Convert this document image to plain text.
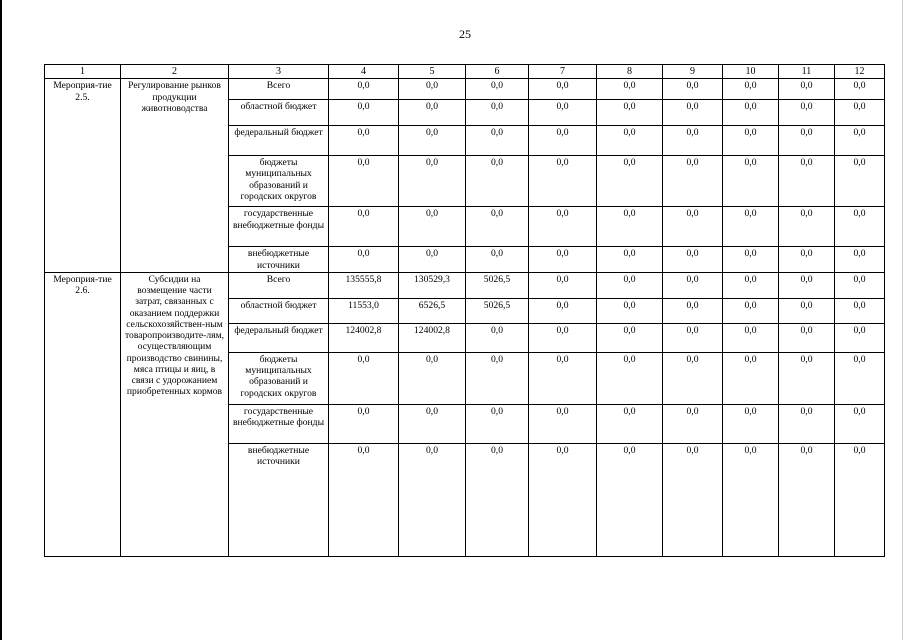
25
1	2	3	4	5	6	7	8	9	10	11	12
Мероприя-тие 2.5.	Регулирование рынков продукции животноводства	Всего	0,0	0,0	0,0	0,0	0,0	0,0	0,0	0,0	0,0
		областной бюджет	0,0	0,0	0,0	0,0	0,0	0,0	0,0	0,0	0,0
		федеральный бюджет	0,0	0,0	0,0	0,0	0,0	0,0	0,0	0,0	0,0
		бюджеты муниципальных образований и городских округов	0,0	0,0	0,0	0,0	0,0	0,0	0,0	0,0	0,0
		государственные внебюджетные фонды	0,0	0,0	0,0	0,0	0,0	0,0	0,0	0,0	0,0
		внебюджетные источники	0,0	0,0	0,0	0,0	0,0	0,0	0,0	0,0	0,0
Мероприя-тие 2.6.	Субсидии на возмещение части затрат, связанных с оказанием поддержки сельскохозяйствен-ным товаропроизводите-лям, осуществляющим производство свинины, мяса птицы и яиц, в связи с удорожанием приобретенных кормов	Всего	135555,8	130529,3	5026,5	0,0	0,0	0,0	0,0	0,0	0,0
		областной бюджет	11553,0	6526,5	5026,5	0,0	0,0	0,0	0,0	0,0	0,0
		федеральный бюджет	124002,8	124002,8	0,0	0,0	0,0	0,0	0,0	0,0	0,0
		бюджеты муниципальных образований и городских округов	0,0	0,0	0,0	0,0	0,0	0,0	0,0	0,0	0,0
		государственные внебюджетные фонды	0,0	0,0	0,0	0,0	0,0	0,0	0,0	0,0	0,0
		внебюджетные источники	0,0	0,0	0,0	0,0	0,0	0,0	0,0	0,0	0,0
